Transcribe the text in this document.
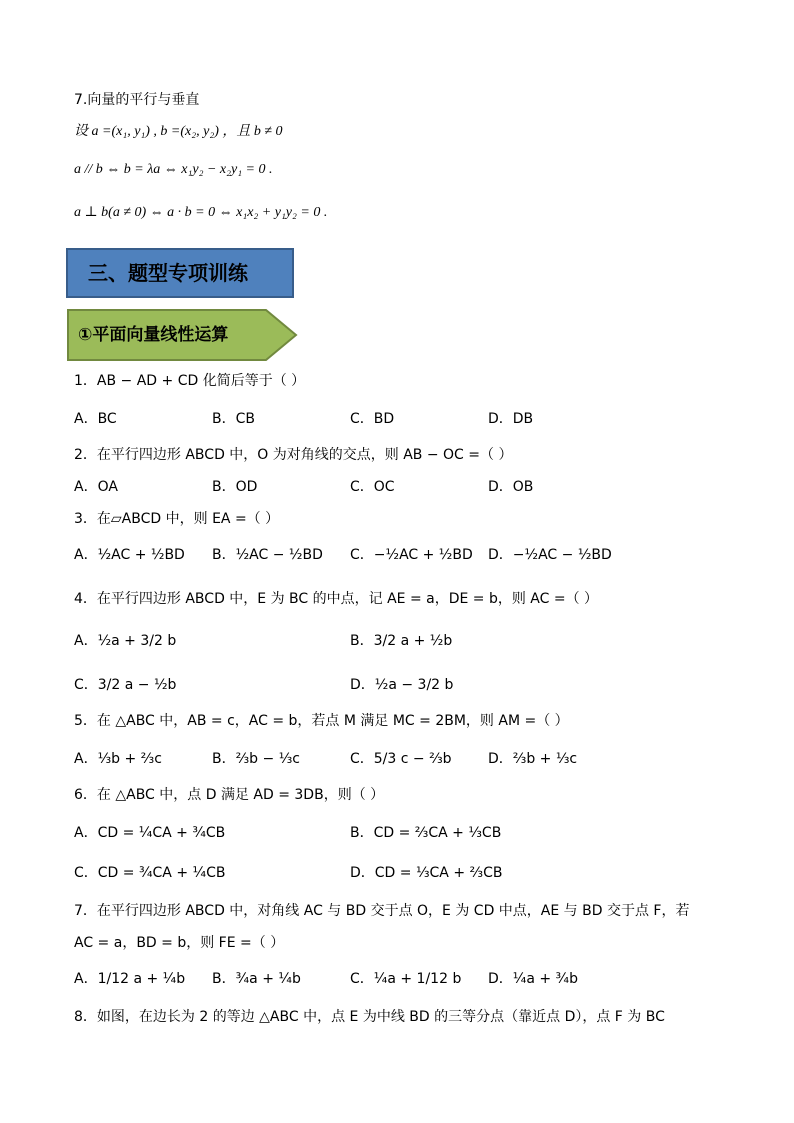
7.向量的平行与垂直
设 a =(x₁, y₁) , b =(x₂, y₂) ，且 b ≠ 0
a // b ⇔ b = λa ⇔ x₁y₂ − x₂y₁ = 0 .
a ⊥ b(a ≠ 0) ⇔ a · b = 0 ⇔ x₁x₂ + y₁y₂ = 0 .
三、题型专项训练
①平面向量线性运算
1．AB − AD + CD 化简后等于（ ）
A．BC	B．CB	C．BD	D．DB
2．在平行四边形 ABCD 中，O 为对角线的交点，则 AB − OC =（ ）
A．OA	B．OD	C．OC	D．OB
3．在▱ABCD 中，则 EA =（ ）
A．½AC + ½BD B．½AC − ½BD C．−½AC + ½BD D．−½AC − ½BD
4．在平行四边形 ABCD 中，E 为 BC 的中点，记 AE = a，DE = b，则 AC =（ ）
A．½a + 3/2 b	B．3/2 a + ½b
C．3/2 a − ½b	D．½a − 3/2 b
5．在 △ABC 中，AB = c，AC = b，若点 M 满足 MC = 2BM，则 AM =（ ）
A．⅓b + ⅔c	B．⅔b − ⅓c	C．5/3 c − ⅔b	D．⅔b + ⅓c
6．在 △ABC 中，点 D 满足 AD = 3DB，则（ ）
A．CD = ¼CA + ¾CB	B．CD = ⅔CA + ⅓CB
C．CD = ¾CA + ¼CB	D．CD = ⅓CA + ⅔CB
7．在平行四边形 ABCD 中，对角线 AC 与 BD 交于点 O，E 为 CD 中点，AE 与 BD 交于点 F，若
AC = a，BD = b，则 FE =（ ）
A．1/12 a + ¼b B．¾a + ¼b	C．¼a + 1/12 b D．¼a + ¾b
8．如图，在边长为 2 的等边 △ABC 中，点 E 为中线 BD 的三等分点（靠近点 D），点 F 为 BC
